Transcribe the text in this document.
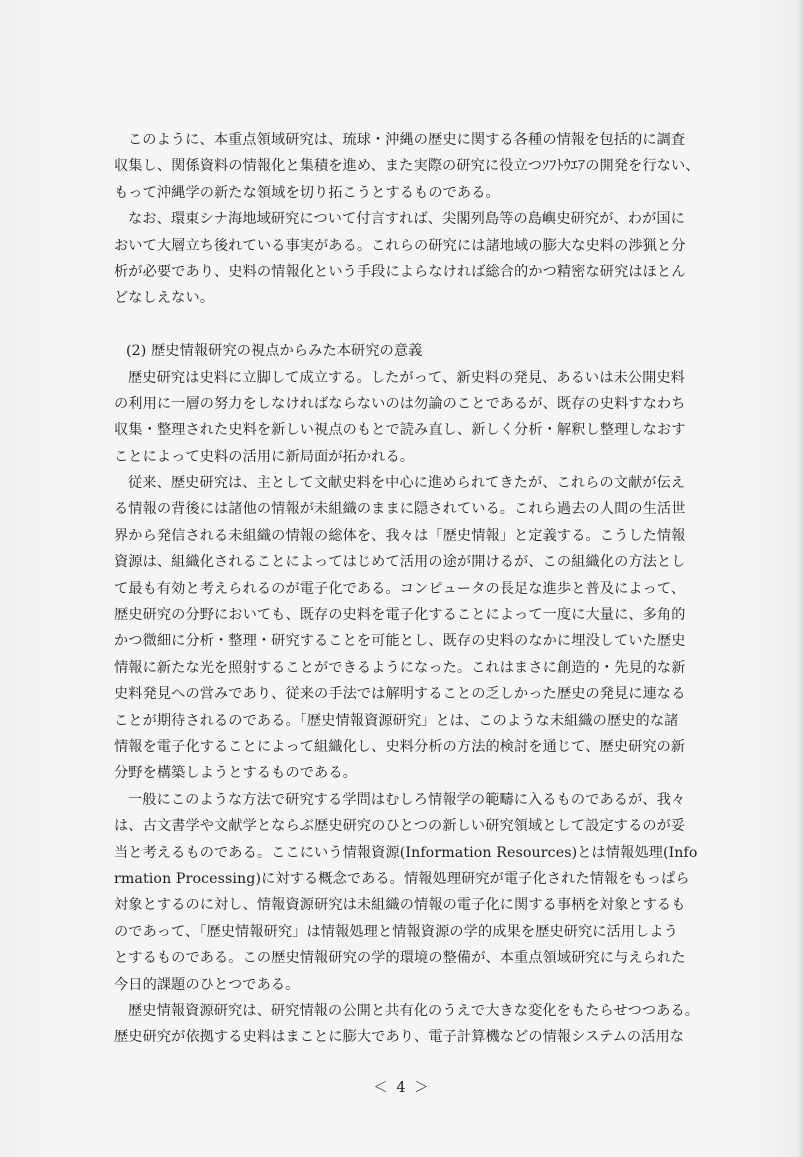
このように、本重点領域研究は、琉球・沖縄の歴史に関する各種の情報を包括的に調査
収集し、関係資料の情報化と集積を進め、また実際の研究に役立つｿﾌﾄｳｴｱの開発を行ない、
もって沖縄学の新たな領域を切り拓こうとするものである。
なお、環東シナ海地域研究について付言すれば、尖閣列島等の島嶼史研究が、わが国に
おいて大層立ち後れている事実がある。これらの研究には諸地域の膨大な史料の渉猟と分
析が必要であり、史料の情報化という手段によらなければ総合的かつ精密な研究はほとん
どなしえない。
(2) 歴史情報研究の視点からみた本研究の意義
歴史研究は史料に立脚して成立する。したがって、新史料の発見、あるいは未公開史料
の利用に一層の努力をしなければならないのは勿論のことであるが、既存の史料すなわち
収集・整理された史料を新しい視点のもとで読み直し、新しく分析・解釈し整理しなおす
ことによって史料の活用に新局面が拓かれる。
従来、歴史研究は、主として文献史料を中心に進められてきたが、これらの文献が伝え
る情報の背後には諸他の情報が未組織のままに隠されている。これら過去の人間の生活世
界から発信される未組織の情報の総体を、我々は「歴史情報」と定義する。こうした情報
資源は、組織化されることによってはじめて活用の途が開けるが、この組織化の方法とし
て最も有効と考えられるのが電子化である。コンピュータの長足な進歩と普及によって、
歴史研究の分野においても、既存の史料を電子化することによって一度に大量に、多角的
かつ微細に分析・整理・研究することを可能とし、既存の史料のなかに埋没していた歴史
情報に新たな光を照射することができるようになった。これはまさに創造的・先見的な新
史料発見への営みであり、従来の手法では解明することの乏しかった歴史の発見に連なる
ことが期待されるのである。「歴史情報資源研究」とは、このような未組織の歴史的な諸
情報を電子化することによって組織化し、史料分析の方法的検討を通じて、歴史研究の新
分野を構築しようとするものである。
一般にこのような方法で研究する学問はむしろ情報学の範疇に入るものであるが、我々
は、古文書学や文献学とならぶ歴史研究のひとつの新しい研究領域として設定するのが妥
当と考えるものである。ここにいう情報資源(Information Resources)とは情報処理(Info
rmation Processing)に対する概念である。情報処理研究が電子化された情報をもっぱら
対象とするのに対し、情報資源研究は未組織の情報の電子化に関する事柄を対象とするも
のであって、「歴史情報研究」は情報処理と情報資源の学的成果を歴史研究に活用しよう
とするものである。この歴史情報研究の学的環境の整備が、本重点領域研究に与えられた
今日的課題のひとつである。
歴史情報資源研究は、研究情報の公開と共有化のうえで大きな変化をもたらせつつある。
歴史研究が依拠する史料はまことに膨大であり、電子計算機などの情報システムの活用な
＜ 4 ＞
